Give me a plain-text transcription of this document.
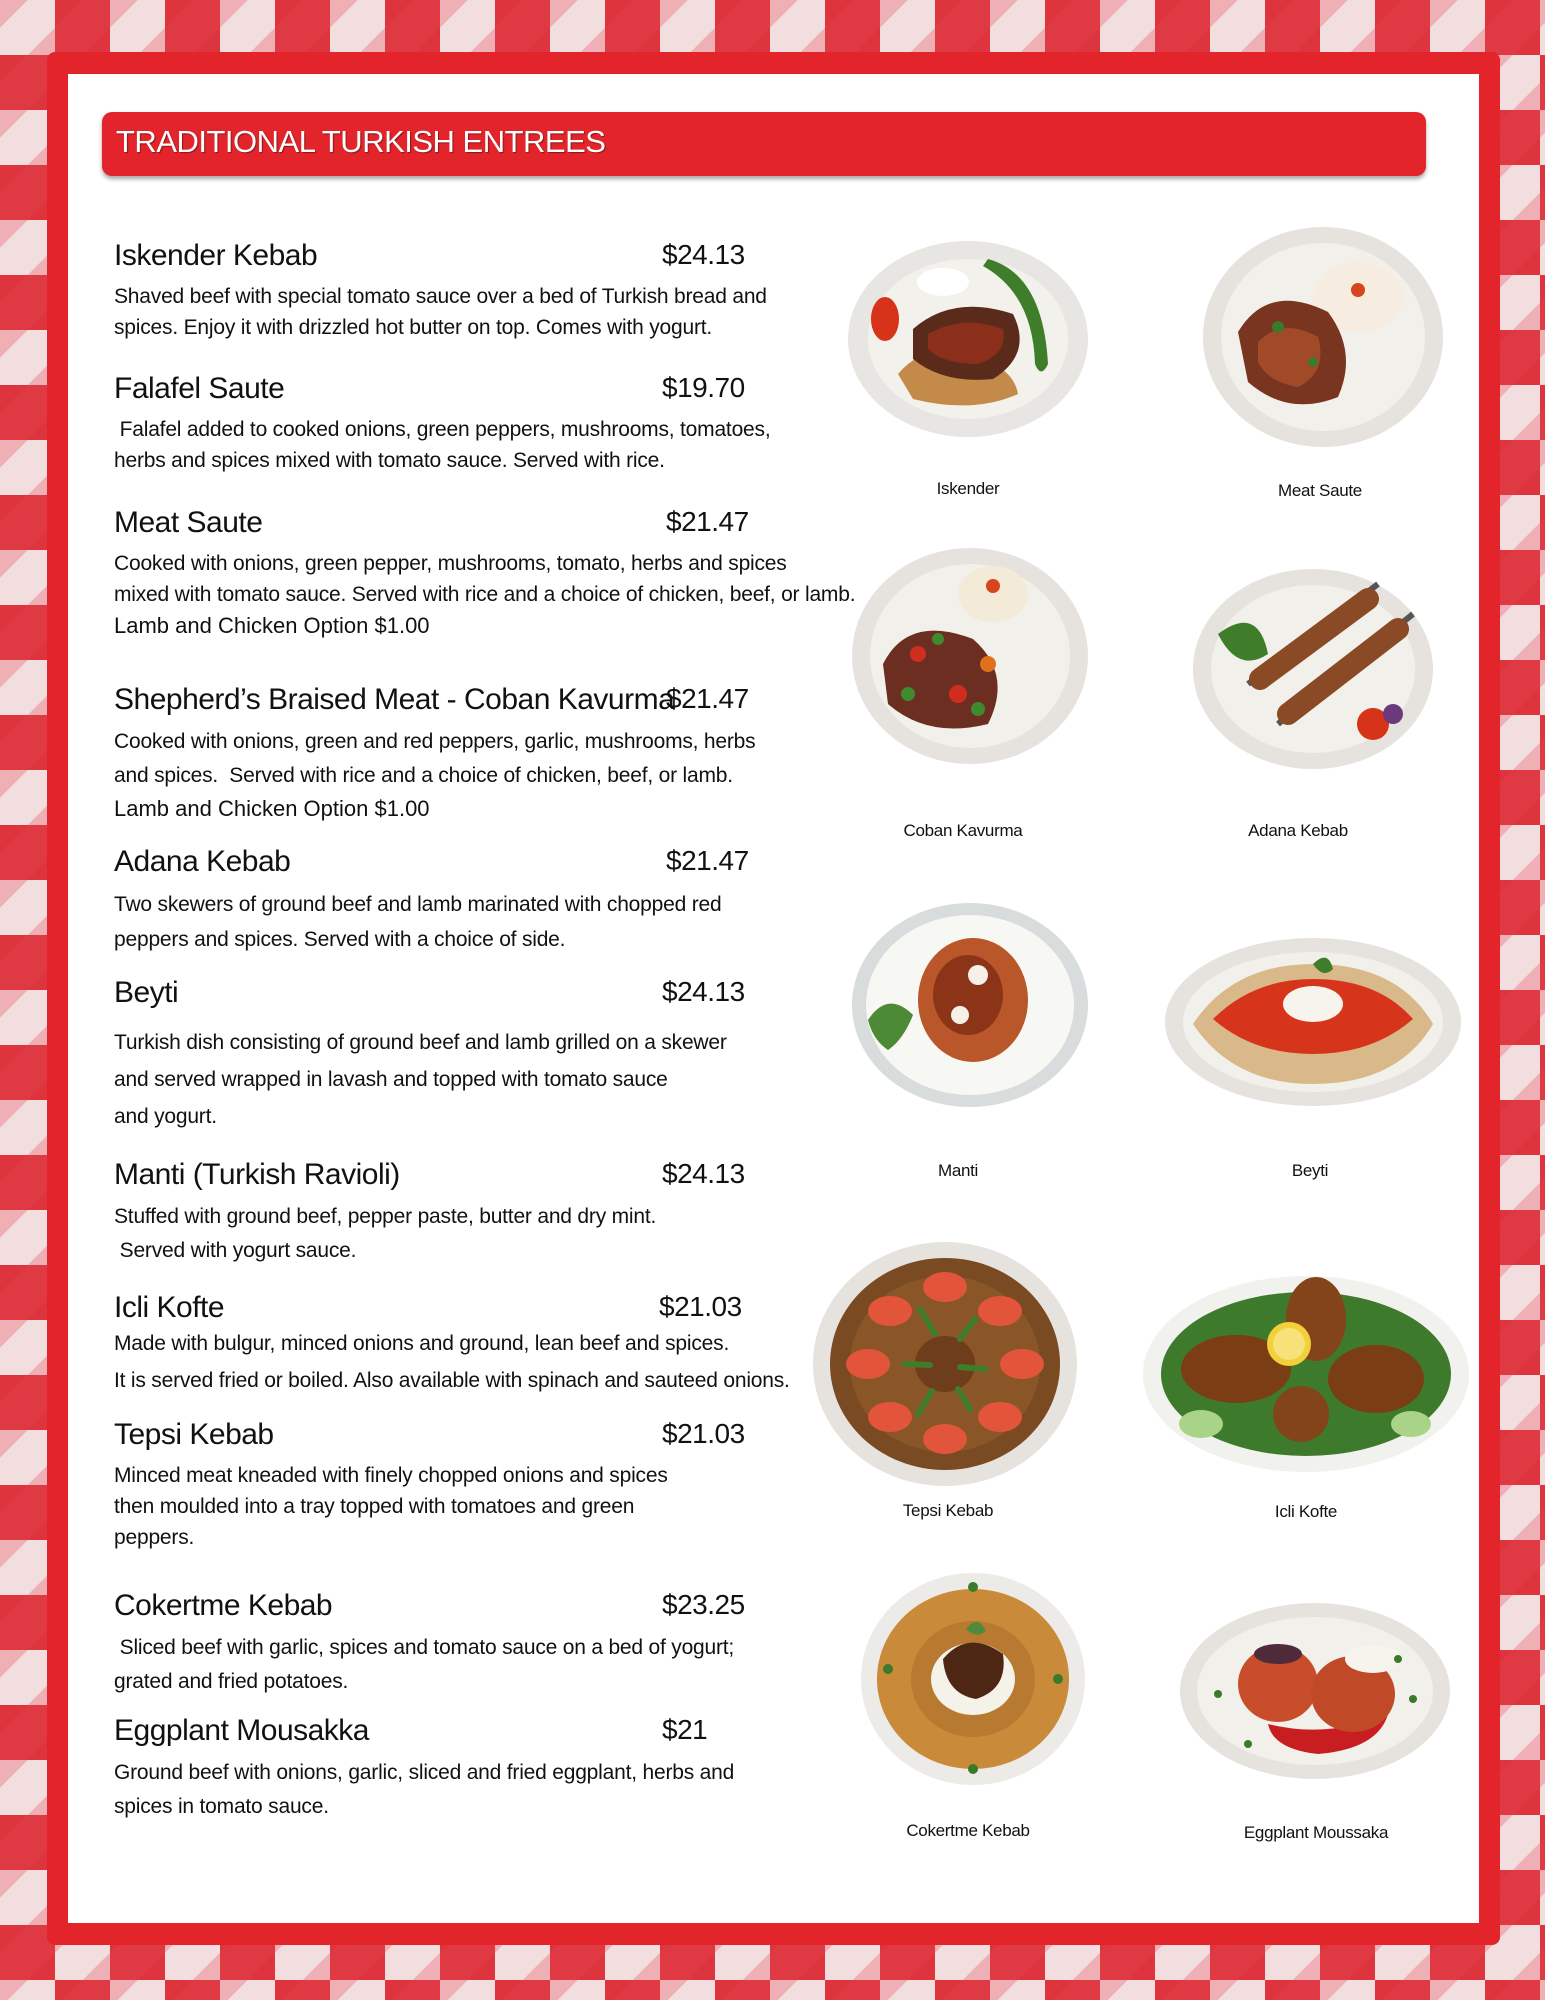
TRADITIONAL TURKISH ENTREES
Iskender Kebab	$24.13
Shaved beef with special tomato sauce over a bed of Turkish bread and
spices. Enjoy it with drizzled hot butter on top. Comes with yogurt.
Falafel Saute	$19.70
Falafel added to cooked onions, green peppers, mushrooms, tomatoes,
herbs and spices mixed with tomato sauce. Served with rice.
Meat Saute	$21.47
Cooked with onions, green pepper, mushrooms, tomato, herbs and spices
mixed with tomato sauce. Served with rice and a choice of chicken, beef, or lamb.
Lamb and Chicken Option $1.00
Shepherd’s Braised Meat - Coban Kavurma
$21.47
Cooked with onions, green and red peppers, garlic, mushrooms, herbs
and spices.  Served with rice and a choice of chicken, beef, or lamb.
Lamb and Chicken Option $1.00
Adana Kebab	$21.47
Two skewers of ground beef and lamb marinated with chopped red
peppers and spices. Served with a choice of side.
Beyti	$24.13
Turkish dish consisting of ground beef and lamb grilled on a skewer
and served wrapped in lavash and topped with tomato sauce
and yogurt.
Manti (Turkish Ravioli)	$24.13
Stuffed with ground beef, pepper paste, butter and dry mint.
Served with yogurt sauce.
Icli Kofte	$21.03
Made with bulgur, minced onions and ground, lean beef and spices.
It is served fried or boiled. Also available with spinach and sauteed onions.
Tepsi Kebab	$21.03
Minced meat kneaded with finely chopped onions and spices
then moulded into a tray topped with tomatoes and green
peppers.
Cokertme Kebab	$23.25
Sliced beef with garlic, spices and tomato sauce on a bed of yogurt;
grated and fried potatoes.
Eggplant Mousakka	$21
Ground beef with onions, garlic, sliced and fried eggplant, herbs and
spices in tomato sauce.
Iskender	Meat Saute
Coban Kavurma	Adana Kebab
Manti	Beyti
Tepsi Kebab	Icli Kofte
Cokertme Kebab	Eggplant Moussaka
